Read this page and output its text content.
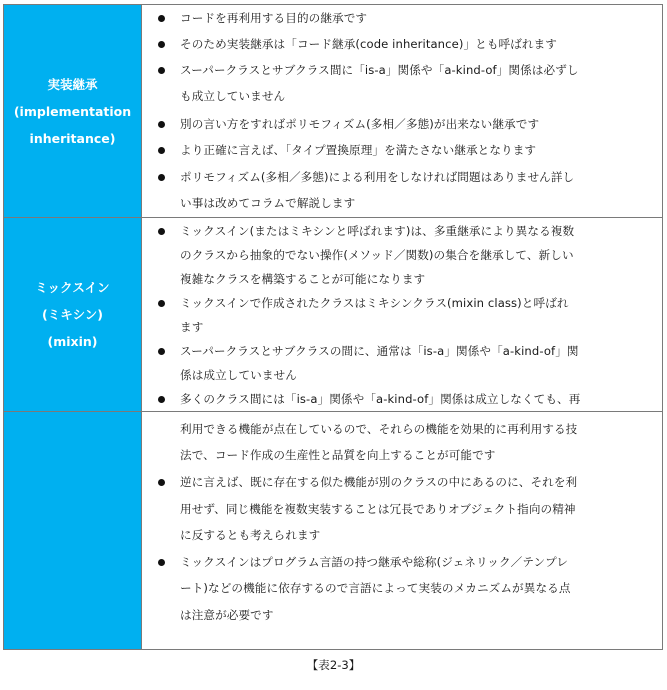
実装継承
(implementation
inheritance)
コードを再利用する目的の継承です
そのため実装継承は「コード継承(code inheritance)」とも呼ばれます
スーパークラスとサブクラス間に「is-a」関係や「a-kind-of」関係は必ずし
も成立していません
別の言い方をすればポリモフィズム(多相／多態)が出来ない継承です
より正確に言えば、「タイプ置換原理」を満たさない継承となります
ポリモフィズム(多相／多態)による利用をしなければ問題はありません詳し
い事は改めてコラムで解説します
ミックスイン
(ミキシン)
(mixin)
ミックスイン(またはミキシンと呼ばれます)は、多重継承により異なる複数
のクラスから抽象的でない操作(メソッド／関数)の集合を継承して、新しい
複雑なクラスを構築することが可能になります
ミックスインで作成されたクラスはミキシンクラス(mixin class)と呼ばれ
ます
スーパークラスとサブクラスの間に、通常は「is-a」関係や「a-kind-of」関
係は成立していません
多くのクラス間には「is-a」関係や「a-kind-of」関係は成立しなくても、再
利用できる機能が点在しているので、それらの機能を効果的に再利用する技
法で、コード作成の生産性と品質を向上することが可能です
逆に言えば、既に存在する似た機能が別のクラスの中にあるのに、それを利
用せず、同じ機能を複数実装することは冗長でありオブジェクト指向の精神
に反するとも考えられます
ミックスインはプログラム言語の持つ継承や総称(ジェネリック／テンプレ
ート)などの機能に依存するので言語によって実装のメカニズムが異なる点
は注意が必要です
【表2-3】
